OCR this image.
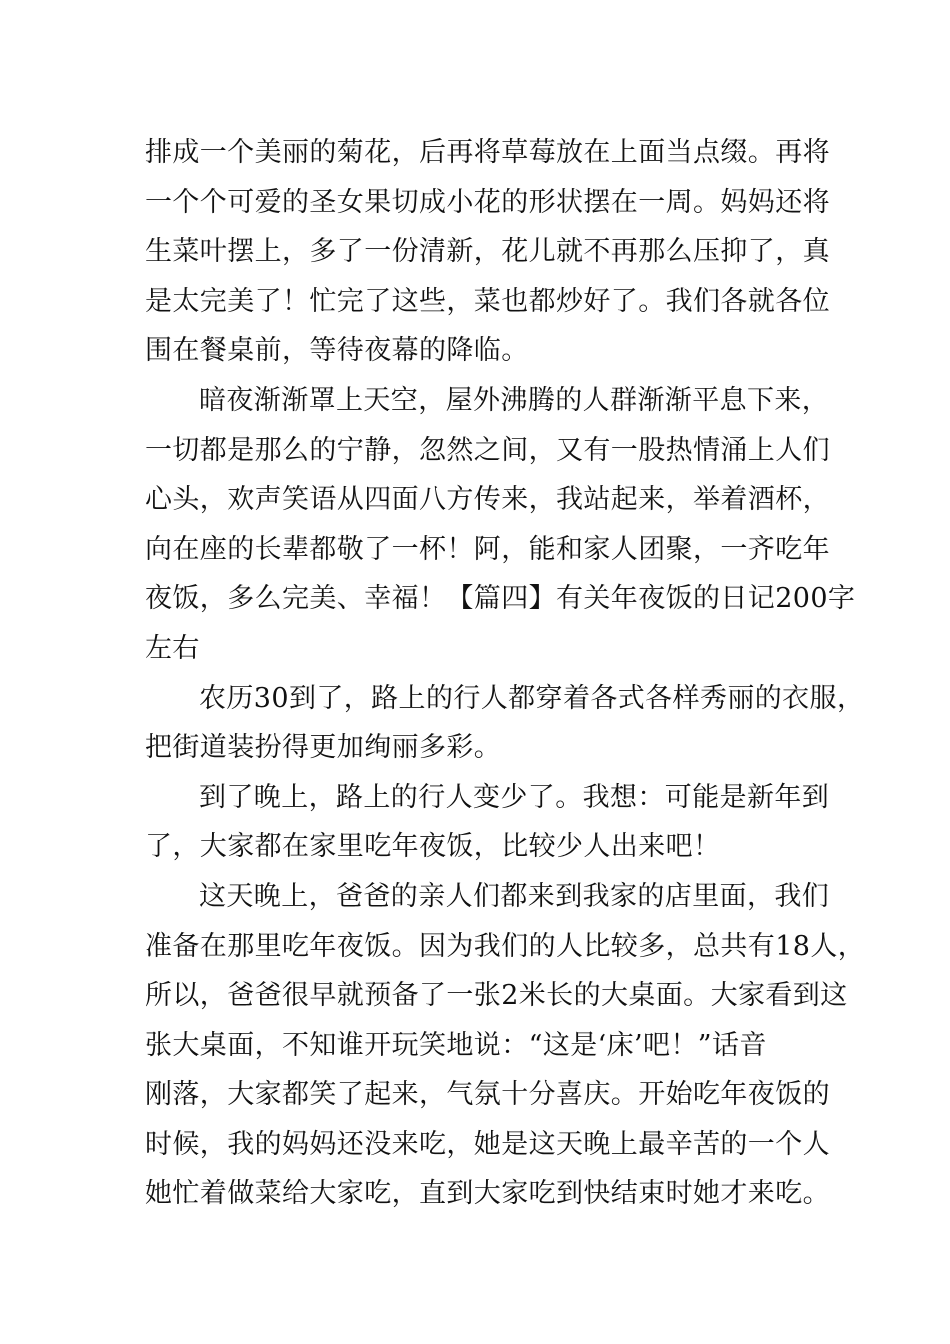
排成一个美丽的菊花，后再将草莓放在上面当点缀。再将
一个个可爱的圣女果切成小花的形状摆在一周。妈妈还将
生菜叶摆上，多了一份清新，花儿就不再那么压抑了，真
是太完美了！忙完了这些，菜也都炒好了。我们各就各位
围在餐桌前，等待夜幕的降临。
暗夜渐渐罩上天空，屋外沸腾的人群渐渐平息下来，
一切都是那么的宁静，忽然之间，又有一股热情涌上人们
心头，欢声笑语从四面八方传来，我站起来，举着酒杯，
向在座的长辈都敬了一杯！阿，能和家人团聚，一齐吃年
夜饭，多么完美、幸福！【篇四】有关年夜饭的日记200字
左右
农历30到了，路上的行人都穿着各式各样秀丽的衣服，
把街道装扮得更加绚丽多彩。
到了晚上，路上的行人变少了。我想：可能是新年到
了，大家都在家里吃年夜饭，比较少人出来吧！
这天晚上，爸爸的亲人们都来到我家的店里面，我们
准备在那里吃年夜饭。因为我们的人比较多，总共有18人，
所以，爸爸很早就预备了一张2米长的大桌面。大家看到这
张大桌面，不知谁开玩笑地说：“这是‘床’吧！”话音
刚落，大家都笑了起来，气氛十分喜庆。开始吃年夜饭的
时候，我的妈妈还没来吃，她是这天晚上最辛苦的一个人
她忙着做菜给大家吃，直到大家吃到快结束时她才来吃。
